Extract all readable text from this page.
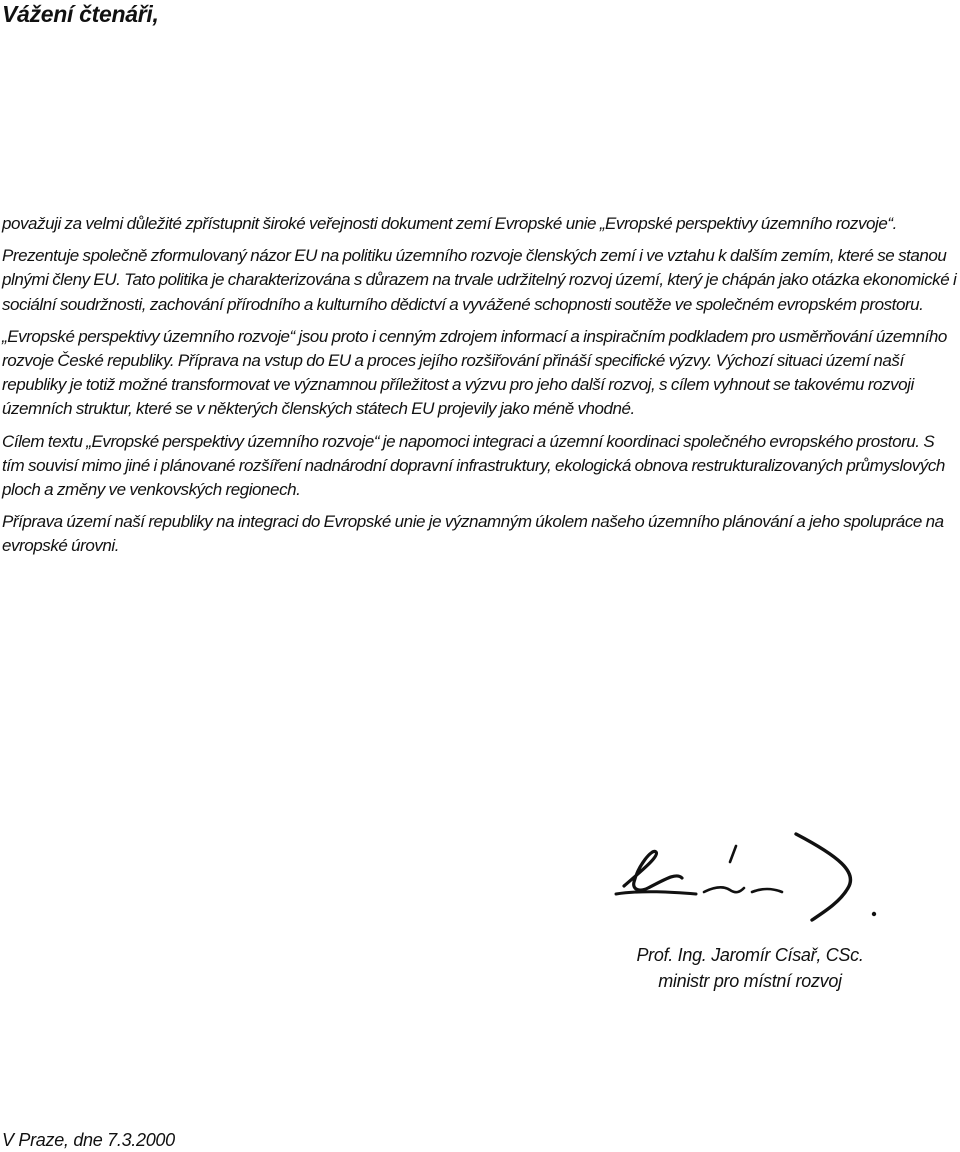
Vážení čtenáři,

považuji za velmi důležité zpřístupnit široké veřejnosti dokument zemí Evropské unie „Evropské perspektivy územního rozvoje“.

Prezentuje společně zformulovaný názor EU na politiku územního rozvoje členských zemí i ve vztahu k dalším zemím, které se stanou plnými členy EU. Tato politika je charakterizována s důrazem na trvale udržitelný rozvoj území, který je chápán jako otázka ekonomické i sociální soudržnosti, zachování přírodního a kulturního dědictví a vyvážené schopnosti soutěže ve společném evropském prostoru.

„Evropské perspektivy územního rozvoje“ jsou proto i cenným zdrojem informací a inspiračním podkladem pro usměrňování územního rozvoje České republiky. Příprava na vstup do EU a proces jejího rozšiřování přináší specifické výzvy. Výchozí situaci území naší republiky je totiž možné transformovat ve významnou příležitost a výzvu pro jeho další rozvoj, s cílem vyhnout se takovému rozvoji územních struktur, které se v některých členských státech EU projevily jako méně vhodné.

Cílem textu „Evropské perspektivy územního rozvoje“ je napomoci integraci a územní koordinaci společného evropského prostoru. S tím souvisí mimo jiné i plánované rozšíření nadnárodní dopravní infrastruktury, ekologická obnova restrukturalizovaných průmyslových ploch a změny ve venkovských regionech.

Příprava území naší republiky na integraci do Evropské unie je významným úkolem našeho územního plánování a jeho spolupráce na evropské úrovni.

Prof. Ing. Jaromír Císař, CSc.
ministr pro místní rozvoj
V Praze, dne 7.3.2000
